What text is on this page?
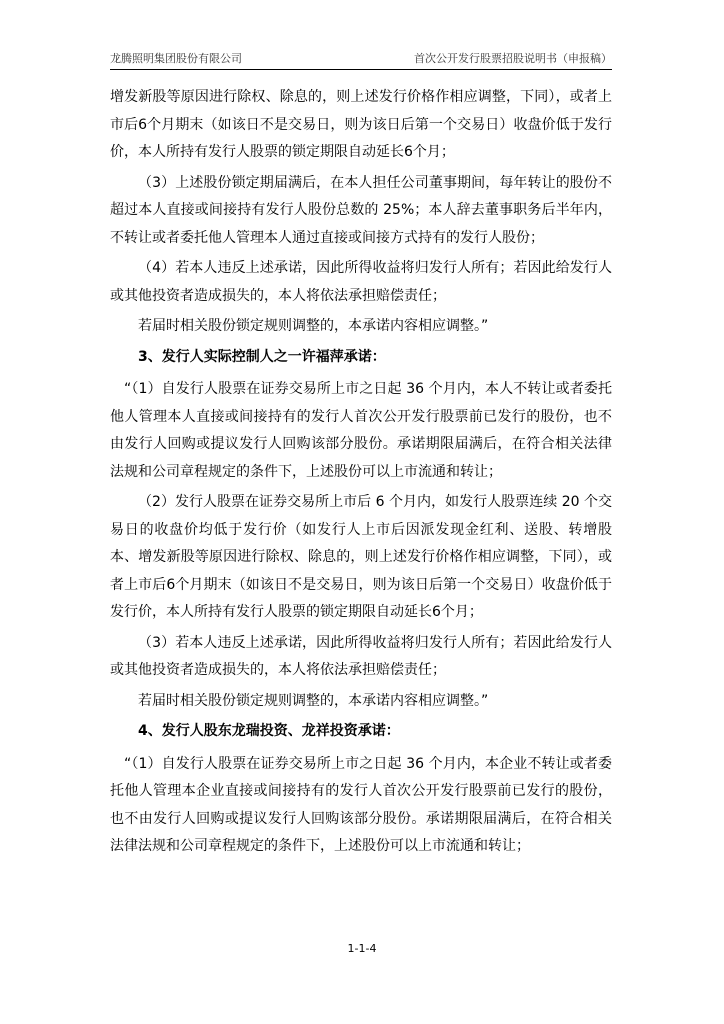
龙腾照明集团股份有限公司	首次公开发行股票招股说明书（申报稿）

增发新股等原因进行除权、除息的，则上述发行价格作相应调整，下同），或者上市后6个月期末（如该日不是交易日，则为该日后第一个交易日）收盘价低于发行价，本人所持有发行人股票的锁定期限自动延长6个月；

（3）上述股份锁定期届满后，在本人担任公司董事期间，每年转让的股份不超过本人直接或间接持有发行人股份总数的 25%；本人辞去董事职务后半年内，不转让或者委托他人管理本人通过直接或间接方式持有的发行人股份；

（4）若本人违反上述承诺，因此所得收益将归发行人所有；若因此给发行人或其他投资者造成损失的，本人将依法承担赔偿责任；

若届时相关股份锁定规则调整的，本承诺内容相应调整。”

3、发行人实际控制人之一许福萍承诺：

“（1）自发行人股票在证券交易所上市之日起 36 个月内，本人不转让或者委托他人管理本人直接或间接持有的发行人首次公开发行股票前已发行的股份，也不由发行人回购或提议发行人回购该部分股份。承诺期限届满后，在符合相关法律法规和公司章程规定的条件下，上述股份可以上市流通和转让；

（2）发行人股票在证券交易所上市后 6 个月内，如发行人股票连续 20 个交易日的收盘价均低于发行价（如发行人上市后因派发现金红利、送股、转增股本、增发新股等原因进行除权、除息的，则上述发行价格作相应调整，下同），或者上市后6个月期末（如该日不是交易日，则为该日后第一个交易日）收盘价低于发行价，本人所持有发行人股票的锁定期限自动延长6个月；

（3）若本人违反上述承诺，因此所得收益将归发行人所有；若因此给发行人或其他投资者造成损失的，本人将依法承担赔偿责任；

若届时相关股份锁定规则调整的，本承诺内容相应调整。”

4、发行人股东龙瑞投资、龙祥投资承诺：

“（1）自发行人股票在证券交易所上市之日起 36 个月内，本企业不转让或者委托他人管理本企业直接或间接持有的发行人首次公开发行股票前已发行的股份，也不由发行人回购或提议发行人回购该部分股份。承诺期限届满后，在符合相关法律法规和公司章程规定的条件下，上述股份可以上市流通和转让；

1-1-4
